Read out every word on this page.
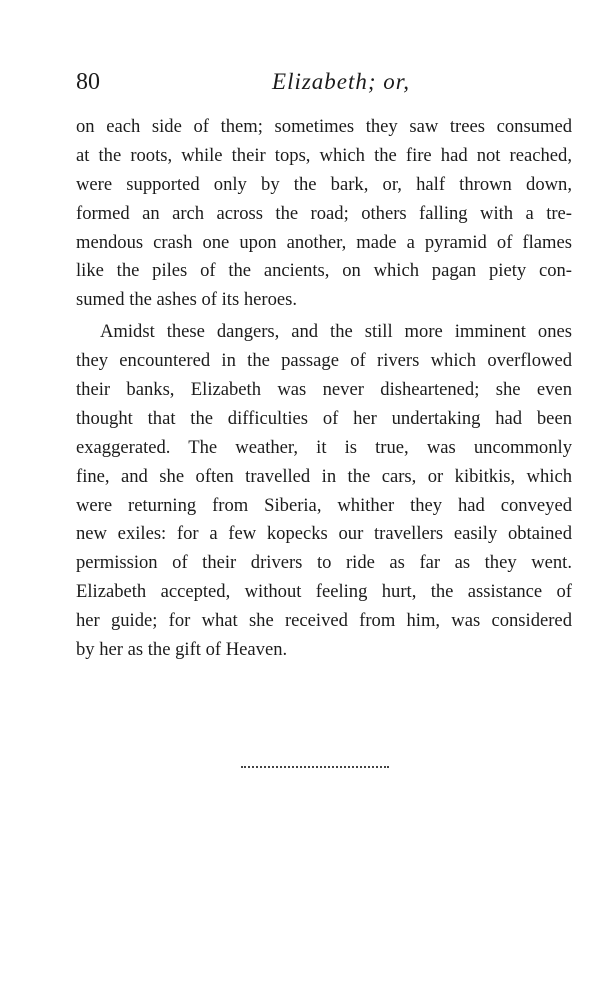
80	Elizabeth; or,

on each side of them; sometimes they saw trees consumed
at the roots, while their tops, which the fire had not reached,
were supported only by the bark, or, half thrown down,
formed an arch across the road; others falling with a tre-
mendous crash one upon another, made a pyramid of flames
like the piles of the ancients, on which pagan piety con-
sumed the ashes of its heroes.

Amidst these dangers, and the still more imminent ones
they encountered in the passage of rivers which overflowed
their banks, Elizabeth was never disheartened; she even
thought that the difficulties of her undertaking had been
exaggerated. The weather, it is true, was uncommonly
fine, and she often travelled in the cars, or kibitkis, which
were returning from Siberia, whither they had conveyed
new exiles: for a few kopecks our travellers easily obtained
permission of their drivers to ride as far as they went.
Elizabeth accepted, without feeling hurt, the assistance of
her guide; for what she received from him, was considered
by her as the gift of Heaven.
